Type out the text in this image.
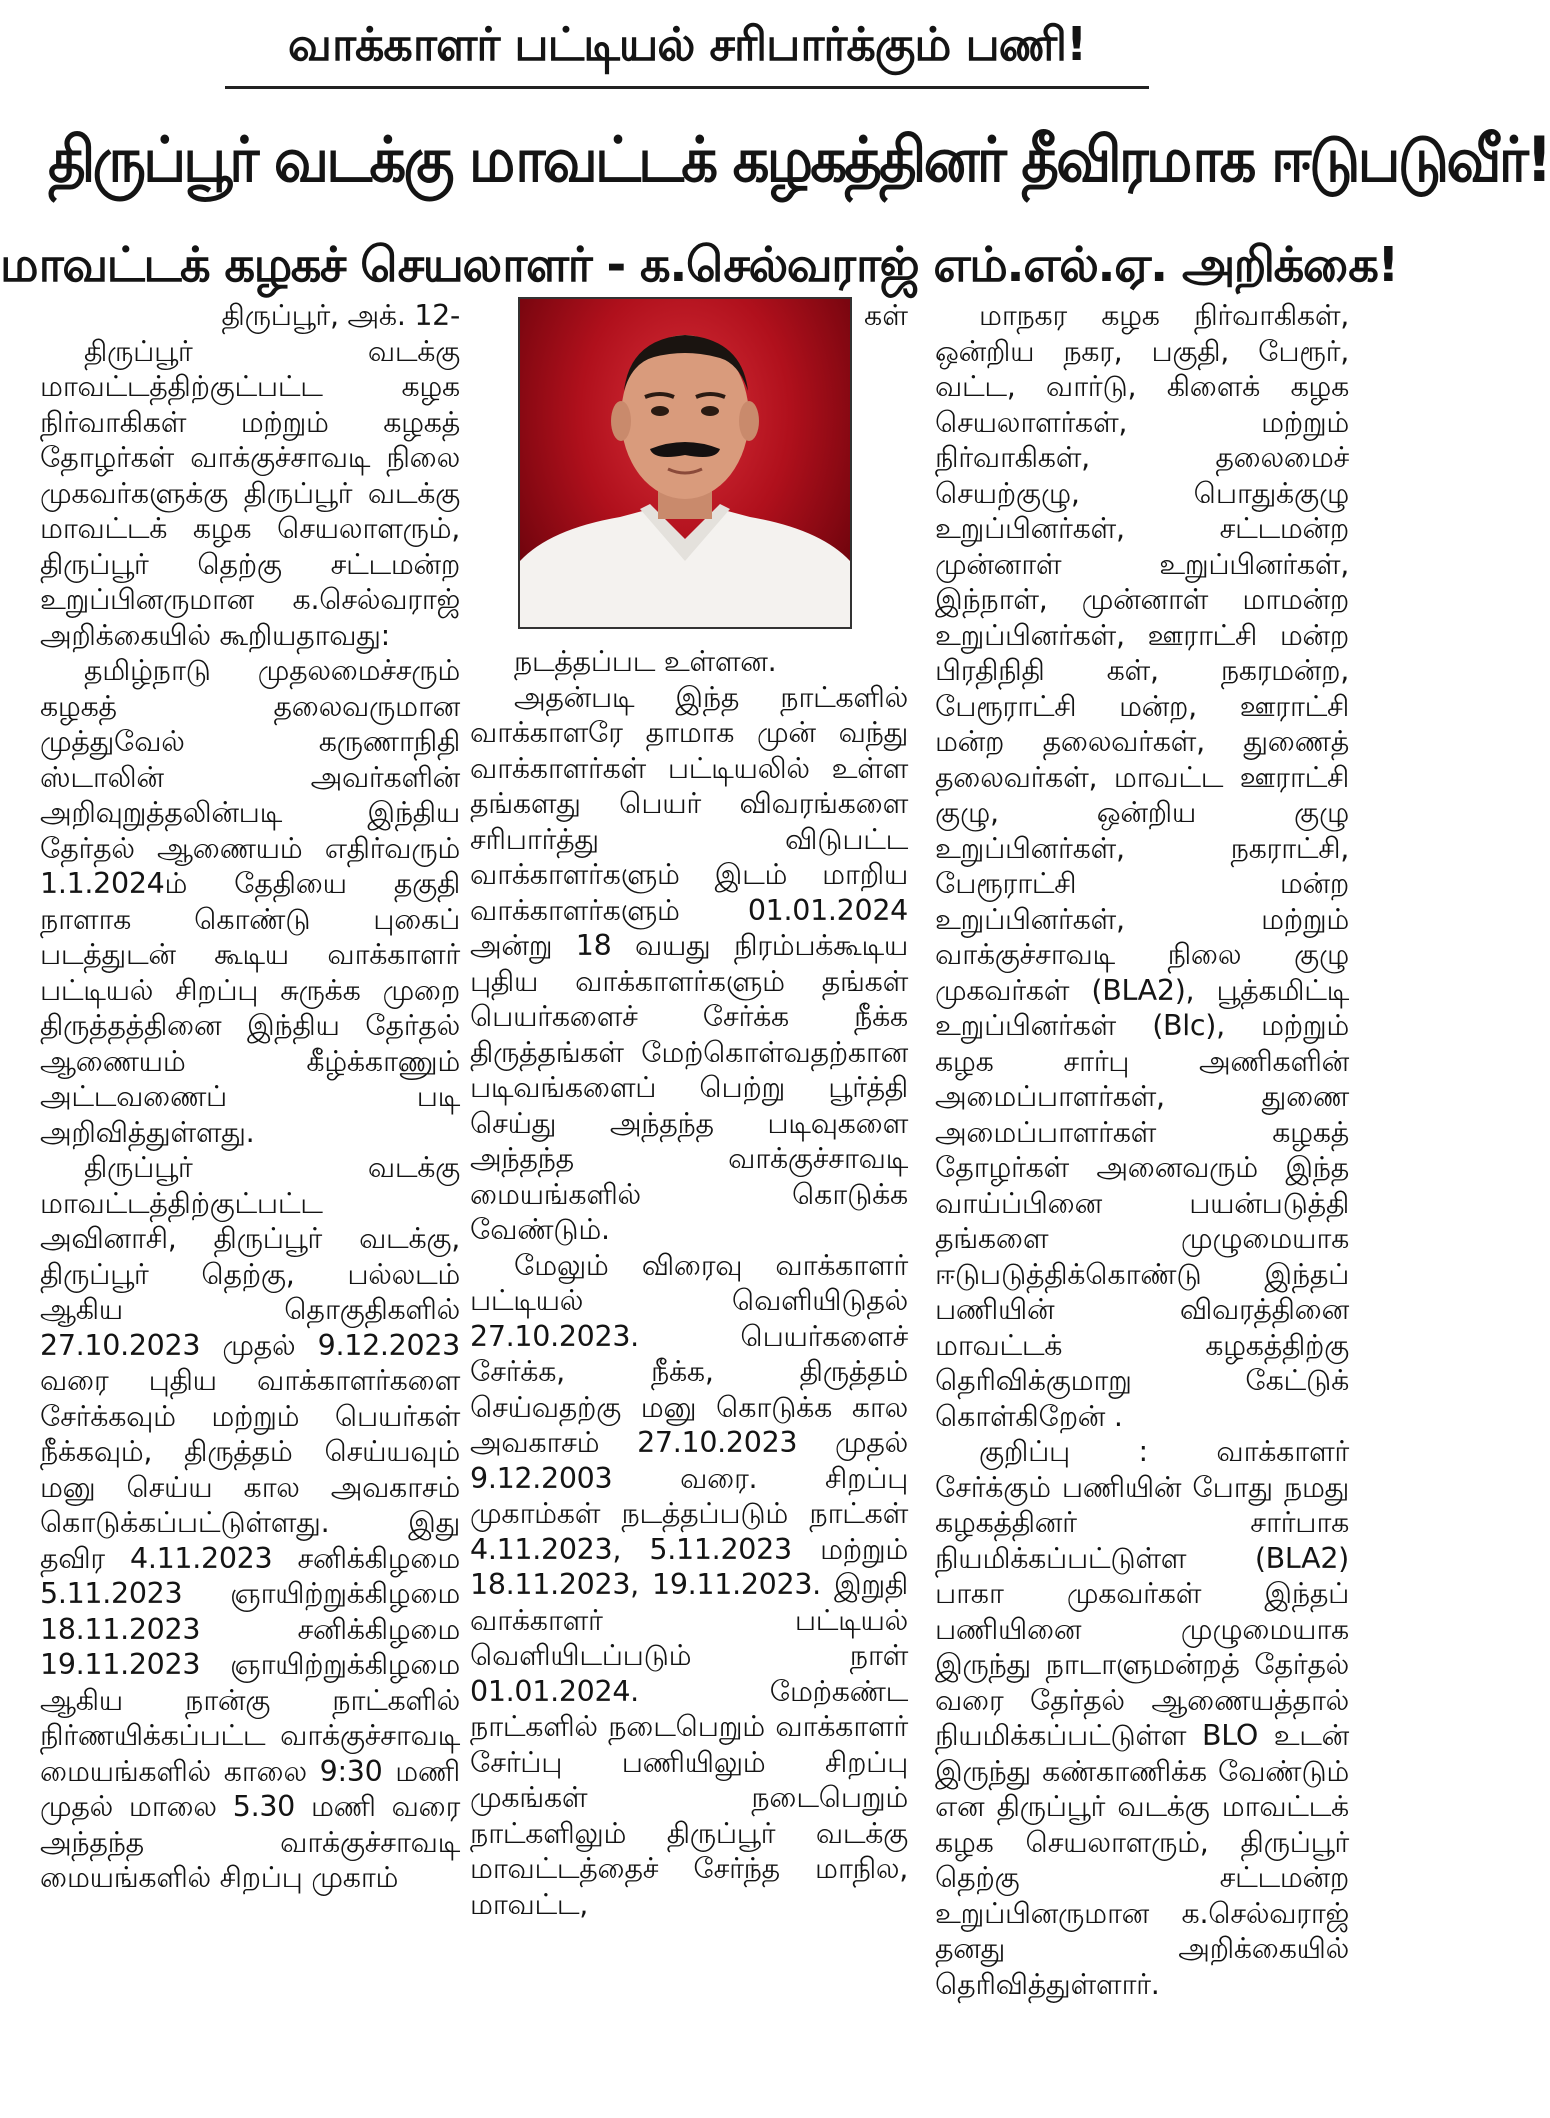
வாக்காளர் பட்டியல் சரிபார்க்கும் பணி!
திருப்பூர் வடக்கு மாவட்டக் கழகத்தினர் தீவிரமாக ஈடுபடுவீர்!
மாவட்டக் கழகச் செயலாளர் - க.செல்வராஜ் எம்.எல்.ஏ. அறிக்கை!

திருப்பூர், அக். 12-

திருப்பூர் வடக்கு மாவட்டத்திற்குட்பட்ட கழக நிர்வாகிகள் மற்றும் கழகத் தோழர்கள் வாக்குச்சாவடி நிலை முகவர்களுக்கு திருப்பூர் வடக்கு மாவட்டக் கழக செயலாளரும், திருப்பூர் தெற்கு சட்டமன்ற உறுப்பினருமான க.செல்வராஜ் அறிக்கையில் கூறியதாவது:

தமிழ்நாடு முதலமைச்சரும் கழகத் தலைவருமான முத்துவேல் கருணாநிதி ஸ்டாலின் அவர்களின் அறிவுறுத்தலின்படி இந்திய தேர்தல் ஆணையம் எதிர்வரும் 1.1.2024ம் தேதியை தகுதி நாளாக கொண்டு புகைப் படத்துடன் கூடிய வாக்காளர் பட்டியல் சிறப்பு சுருக்க முறை திருத்தத்தினை இந்திய தேர்தல் ஆணையம் கீழ்க்காணும் அட்டவணைப் படி அறிவித்துள்ளது.

திருப்பூர் வடக்கு மாவட்டத்திற்குட்பட்ட அவினாசி, திருப்பூர் வடக்கு, திருப்பூர் தெற்கு, பல்லடம் ஆகிய தொகுதிகளில் 27.10.2023 முதல் 9.12.2023 வரை புதிய வாக்காளர்களை சேர்க்கவும் மற்றும் பெயர்கள் நீக்கவும், திருத்தம் செய்யவும் மனு செய்ய கால அவகாசம் கொடுக்கப்பட்டுள்ளது. இது தவிர 4.11.2023 சனிக்கிழமை 5.11.2023 ஞாயிற்றுக்கிழமை 18.11.2023 சனிக்கிழமை 19.11.2023 ஞாயிற்றுக்கிழமை ஆகிய நான்கு நாட்களில் நிர்ணயிக்கப்பட்ட வாக்குச்சாவடி மையங்களில் காலை 9:30 மணி முதல் மாலை 5.30 மணி வரை அந்தந்த வாக்குச்சாவடி மையங்களில் சிறப்பு முகாம்

கள்

நடத்தப்பட உள்ளன.

அதன்படி இந்த நாட்களில் வாக்காளரே தாமாக முன் வந்து வாக்காளர்கள் பட்டியலில் உள்ள தங்களது பெயர் விவரங்களை சரிபார்த்து விடுபட்ட வாக்காளர்களும் இடம் மாறிய வாக்காளர்களும் 01.01.2024 அன்று 18 வயது நிரம்பக்கூடிய புதிய வாக்காளர்களும் தங்கள் பெயர்களைச் சேர்க்க நீக்க திருத்தங்கள் மேற்கொள்வதற்கான படிவங்களைப் பெற்று பூர்த்தி செய்து அந்தந்த படிவுகளை அந்தந்த வாக்குச்சாவடி மையங்களில் கொடுக்க வேண்டும்.

மேலும் விரைவு வாக்காளர் பட்டியல் வெளியிடுதல் 27.10.2023. பெயர்களைச் சேர்க்க, நீக்க, திருத்தம் செய்வதற்கு மனு கொடுக்க கால அவகாசம் 27.10.2023 முதல் 9.12.2003 வரை. சிறப்பு முகாம்கள் நடத்தப்படும் நாட்கள் 4.11.2023, 5.11.2023 மற்றும் 18.11.2023, 19.11.2023. இறுதி வாக்காளர் பட்டியல் வெளியிடப்படும் நாள் 01.01.2024. மேற்கண்ட நாட்களில் நடைபெறும் வாக்காளர் சேர்ப்பு பணியிலும் சிறப்பு முகங்கள் நடைபெறும் நாட்களிலும் திருப்பூர் வடக்கு மாவட்டத்தைச் சேர்ந்த மாநில, மாவட்ட,

மாநகர கழக நிர்வாகிகள், ஒன்றிய நகர, பகுதி, பேரூர், வட்ட, வார்டு, கிளைக் கழக செயலாளர்கள், மற்றும் நிர்வாகிகள், தலைமைச் செயற்குழு, பொதுக்குழு உறுப்பினர்கள், சட்டமன்ற முன்னாள் உறுப்பினர்கள், இந்நாள், முன்னாள் மாமன்ற உறுப்பினர்கள், ஊராட்சி மன்ற பிரதிநிதி கள், நகரமன்ற, பேரூராட்சி மன்ற, ஊராட்சி மன்ற தலைவர்கள், துணைத் தலைவர்கள், மாவட்ட ஊராட்சி குழு, ஒன்றிய குழு உறுப்பினர்கள், நகராட்சி, பேரூராட்சி மன்ற உறுப்பினர்கள், மற்றும் வாக்குச்சாவடி நிலை குழு முகவர்கள் (BLA2), பூத்கமிட்டி உறுப்பினர்கள் (Blc), மற்றும் கழக சார்பு அணிகளின் அமைப்பாளர்கள், துணை அமைப்பாளர்கள் கழகத் தோழர்கள் அனைவரும் இந்த வாய்ப்பினை பயன்படுத்தி தங்களை முழுமையாக ஈடுபடுத்திக்கொண்டு இந்தப் பணியின் விவரத்தினை மாவட்டக் கழகத்திற்கு தெரிவிக்குமாறு கேட்டுக் கொள்கிறேன் .

குறிப்பு : வாக்காளர் சேர்க்கும் பணியின் போது நமது கழகத்தினர் சார்பாக நியமிக்கப்பட்டுள்ள (BLA2) பாகா முகவர்கள் இந்தப் பணியினை முழுமையாக இருந்து நாடாளுமன்றத் தேர்தல் வரை தேர்தல் ஆணையத்தால் நியமிக்கப்பட்டுள்ள BLO உடன் இருந்து கண்காணிக்க வேண்டும் என திருப்பூர் வடக்கு மாவட்டக் கழக செயலாளரும், திருப்பூர் தெற்கு சட்டமன்ற உறுப்பினருமான க.செல்வராஜ் தனது அறிக்கையில் தெரிவித்துள்ளார்.
